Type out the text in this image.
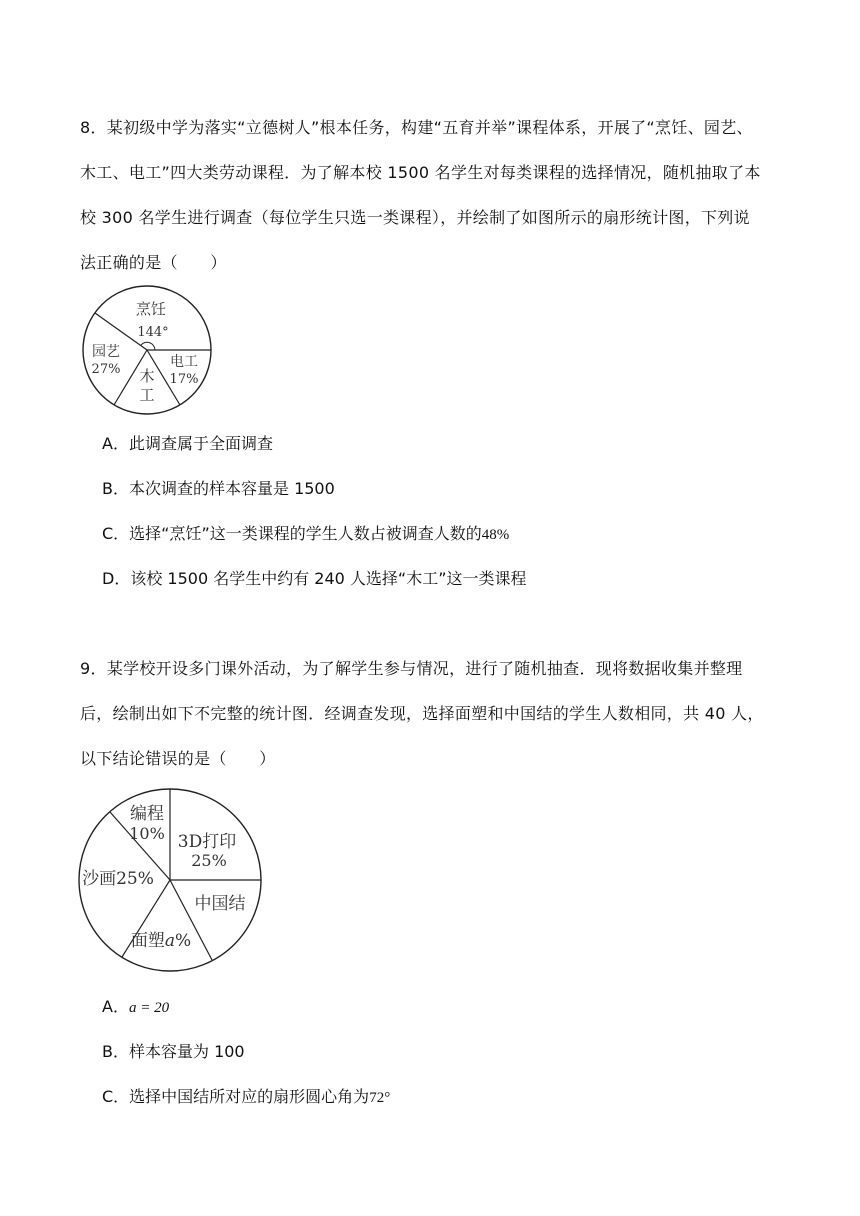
8．某初级中学为落实“立德树人”根本任务，构建“五育并举”课程体系，开展了“烹饪、园艺、
木工、电工”四大类劳动课程．为了解本校 1500 名学生对每类课程的选择情况，随机抽取了本
校 300 名学生进行调查（每位学生只选一类课程），并绘制了如图所示的扇形统计图，下列说
法正确的是（　　）
烹饪
144°
园艺
27%	电工
17%
木
工
A．此调查属于全面调查
B．本次调查的样本容量是 1500
C．选择“烹饪”这一类课程的学生人数占被调查人数的48%
D．该校 1500 名学生中约有 240 人选择“木工”这一类课程
9．某学校开设多门课外活动，为了解学生参与情况，进行了随机抽查．现将数据收集并整理
后，绘制出如下不完整的统计图．经调查发现，选择面塑和中国结的学生人数相同，共 40 人，
以下结论错误的是（　　）
编程
10% 3D打印
25%
沙画25%
中国结
面塑a%
A．a = 20
B．样本容量为 100
C．选择中国结所对应的扇形圆心角为72°
